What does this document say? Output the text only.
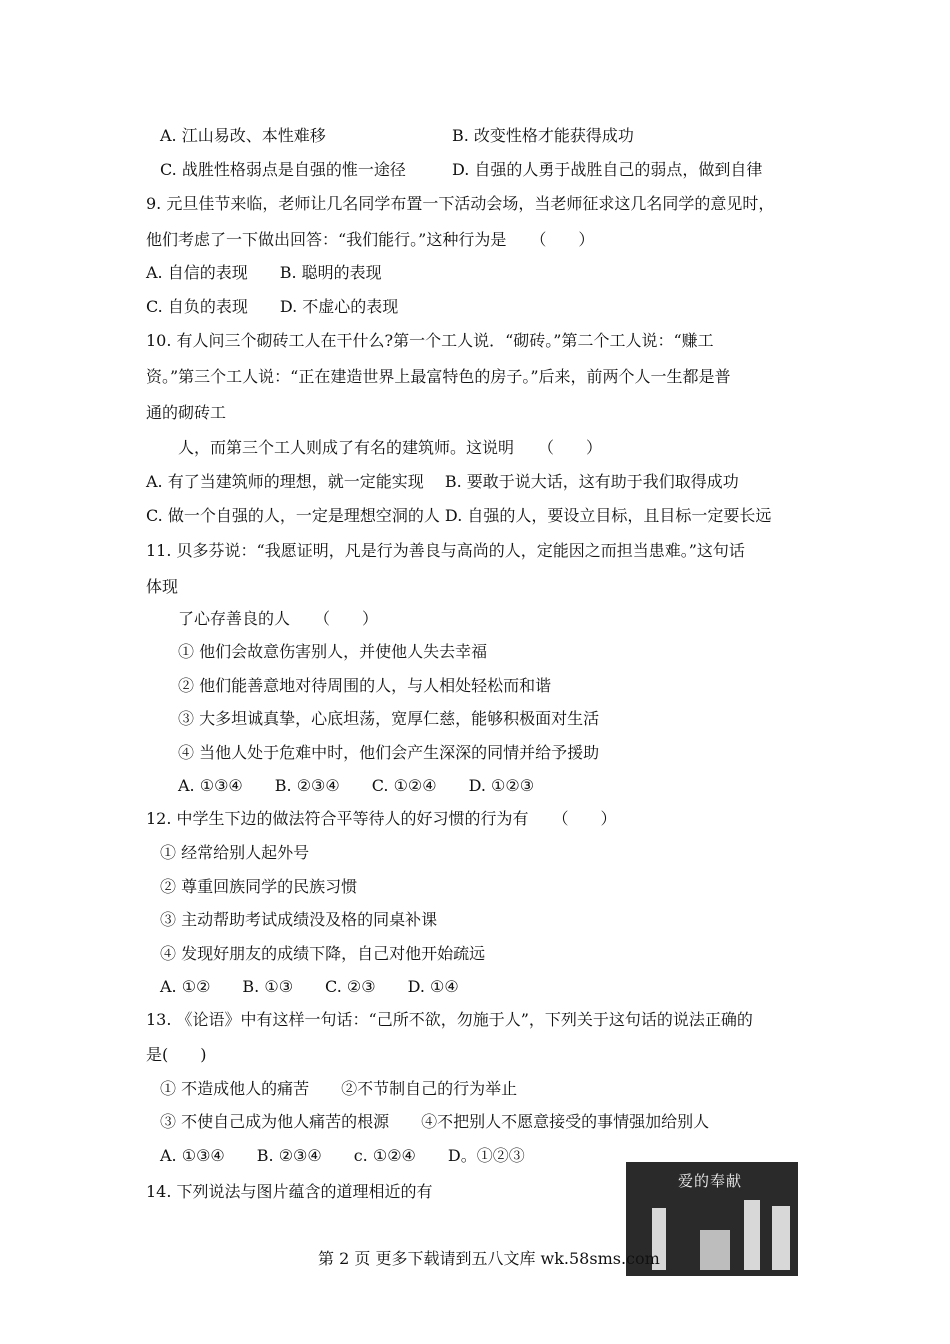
A. 江山易改、本性难移	B. 改变性格才能获得成功
C. 战胜性格弱点是自强的惟一途径	D. 自强的人勇于战胜自己的弱点，做到自律
9. 元旦佳节来临，老师让几名同学布置一下活动会场，当老师征求这几名同学的意见时，
他们考虑了一下做出回答：“我们能行。”这种行为是　　（　　）
A. 自信的表现　　B. 聪明的表现
C. 自负的表现　　D. 不虚心的表现
10. 有人问三个砌砖工人在干什么?第一个工人说．“砌砖。”第二个工人说：“赚工
资。”第三个工人说：“正在建造世界上最富特色的房子。”后来，前两个人一生都是普
通的砌砖工
人，而第三个工人则成了有名的建筑师。这说明　　（　　）
A. 有了当建筑师的理想，就一定能实现　 B. 要敢于说大话，这有助于我们取得成功
C. 做一个自强的人，一定是理想空洞的人 D. 自强的人，要设立目标，且目标一定要长远
11. 贝多芬说：“我愿证明，凡是行为善良与高尚的人，定能因之而担当患难。”这句话
体现
了心存善良的人　　（　　）
① 他们会故意伤害别人，并使他人失去幸福
② 他们能善意地对待周围的人，与人相处轻松而和谐
③ 大多坦诚真挚，心底坦荡，宽厚仁慈，能够积极面对生活
④ 当他人处于危难中时，他们会产生深深的同情并给予援助
A. ①③④　　B. ②③④　　C. ①②④　　D. ①②③
12. 中学生下边的做法符合平等待人的好习惯的行为有　　（　　）
① 经常给别人起外号
② 尊重回族同学的民族习惯
③ 主动帮助考试成绩没及格的同桌补课
④ 发现好朋友的成绩下降，自己对他开始疏远
A. ①②　　B. ①③　　C. ②③　　D. ①④
13. 《论语》中有这样一句话：“己所不欲，勿施于人”，下列关于这句话的说法正确的
是(　　)
① 不造成他人的痛苦　　②不节制自己的行为举止
③ 不使自己成为他人痛苦的根源　　④不把别人不愿意接受的事情强加给别人
A. ①③④　　B. ②③④　　c. ①②④　　D。①②③
14. 下列说法与图片蕴含的道理相近的有
爱的奉献
第 2 页 更多下载请到五八文库 wk.58sms.com
